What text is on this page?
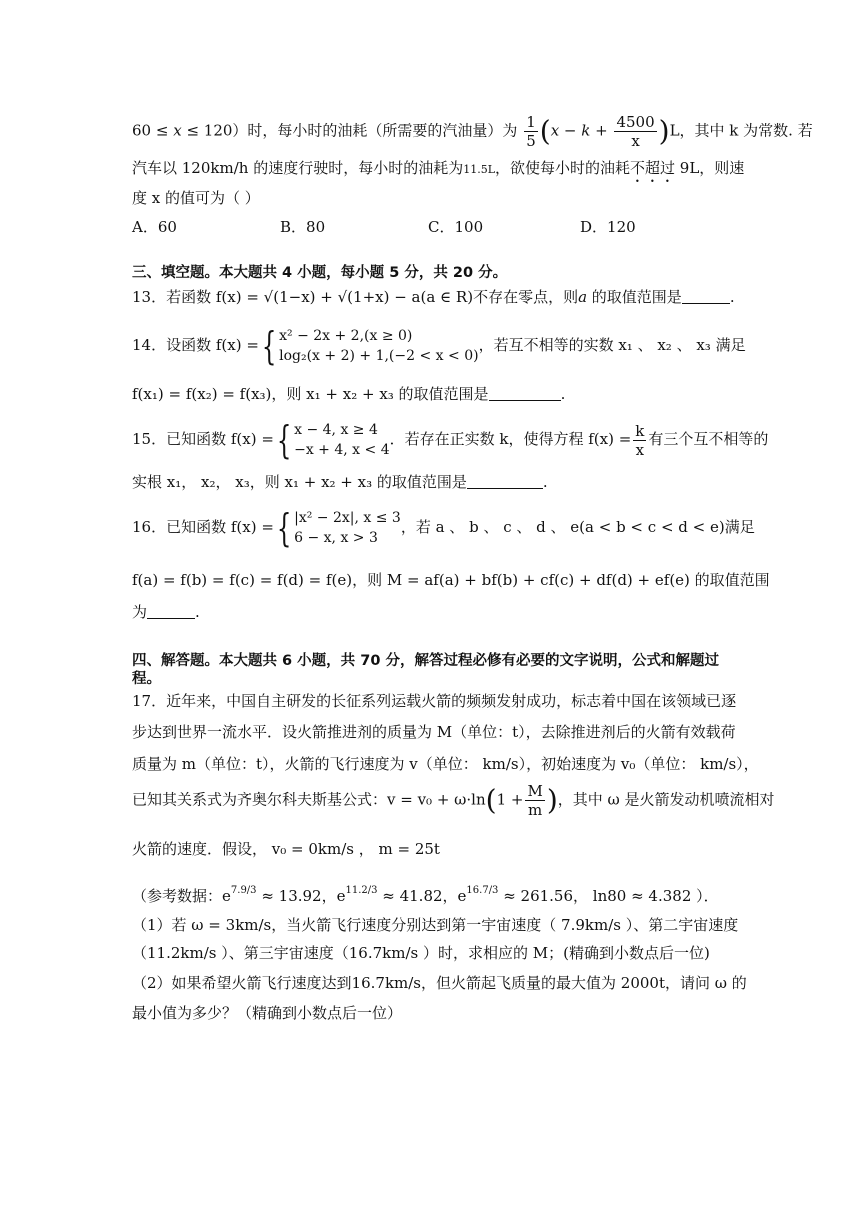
60 ≤ x ≤ 120）时，每小时的油耗（所需要的汽油量）为 $\frac{1}{5} (x - k + \frac{4500}{x} )L$，其中 k 为常数. 若
汽车以 120km/h 的速度行驶时，每小时的油耗为11.5L，欲使每小时的油耗不超过 9L，则速
度 x 的值可为（ ）
A．60	B．80	C．100	D．120
三、填空题。本大题共 4 小题，每小题 5 分，共 20 分。
13．若函数 f(x) = √(1−x) + √(1+x) − a(a ∈ R)不存在零点，则a 的取值范围是	.
14．设函数 f(x) ={ x² − 2x + 2,(x ≥ 0)
log₂(x + 2) + 1,(−2 < x < 0)
，若互不相等的实数 x₁ 、 x₂ 、 x₃ 满足
f(x₁) = f(x₂) = f(x₃)，则 x₁ + x₂ + x₃ 的取值范围是	.
15．已知函数 f(x) ={ x − 4, x ≥ 4
−x + 4, x < 4
．若存在正实数 k，使得方程 $f(x) = \frac{k}{x}$ 有三个互不相等的
实根 x₁， x₂， x₃，则 x₁ + x₂ + x₃ 的取值范围是	.
16．已知函数 f(x) ={ |x² − 2x|, x ≤ 3
6 − x, x > 3
，若 a 、 b 、 c 、 d 、 e(a < b < c < d < e)满足
f(a) = f(b) = f(c) = f(d) = f(e)，则 M = af(a) + bf(b) + cf(c) + df(d) + ef(e) 的取值范围
为	.
四、解答题。本大题共 6 小题，共 70 分，解答过程必修有必要的文字说明，公式和解题过
程。
17．近年来，中国自主研发的长征系列运载火箭的频频发射成功，标志着中国在该领域已逐
步达到世界一流水平．设火箭推进剂的质量为 M（单位：t），去除推进剂后的火箭有效载荷
质量为 m（单位：t），火箭的飞行速度为 v（单位： km/s），初始速度为 v₀（单位： km/s），
已知其关系式为齐奥尔科夫斯基公式：$v = v_0 + \omega\cdot\ln(1 + \frac{M}{m}$ )，其中 ω 是火箭发动机喷流相对
火箭的速度．假设， v₀ = 0km/s ， m = 25t
（参考数据：$e^{7.9/3} \approx 13.92$，$e^{11.2/3} \approx 41.82$，$e^{16.7/3} \approx 261.56$， ln80 ≈ 4.382 ）．
（1）若 ω = 3km/s，当火箭飞行速度分别达到第一宇宙速度（ 7.9km/s ）、第二宇宙速度
（11.2km/s ）、第三宇宙速度（16.7km/s ）时，求相应的 M；(精确到小数点后一位)
（2）如果希望火箭飞行速度达到16.7km/s，但火箭起飞质量的最大值为 2000t，请问 ω 的
最小值为多少？（精确到小数点后一位）
